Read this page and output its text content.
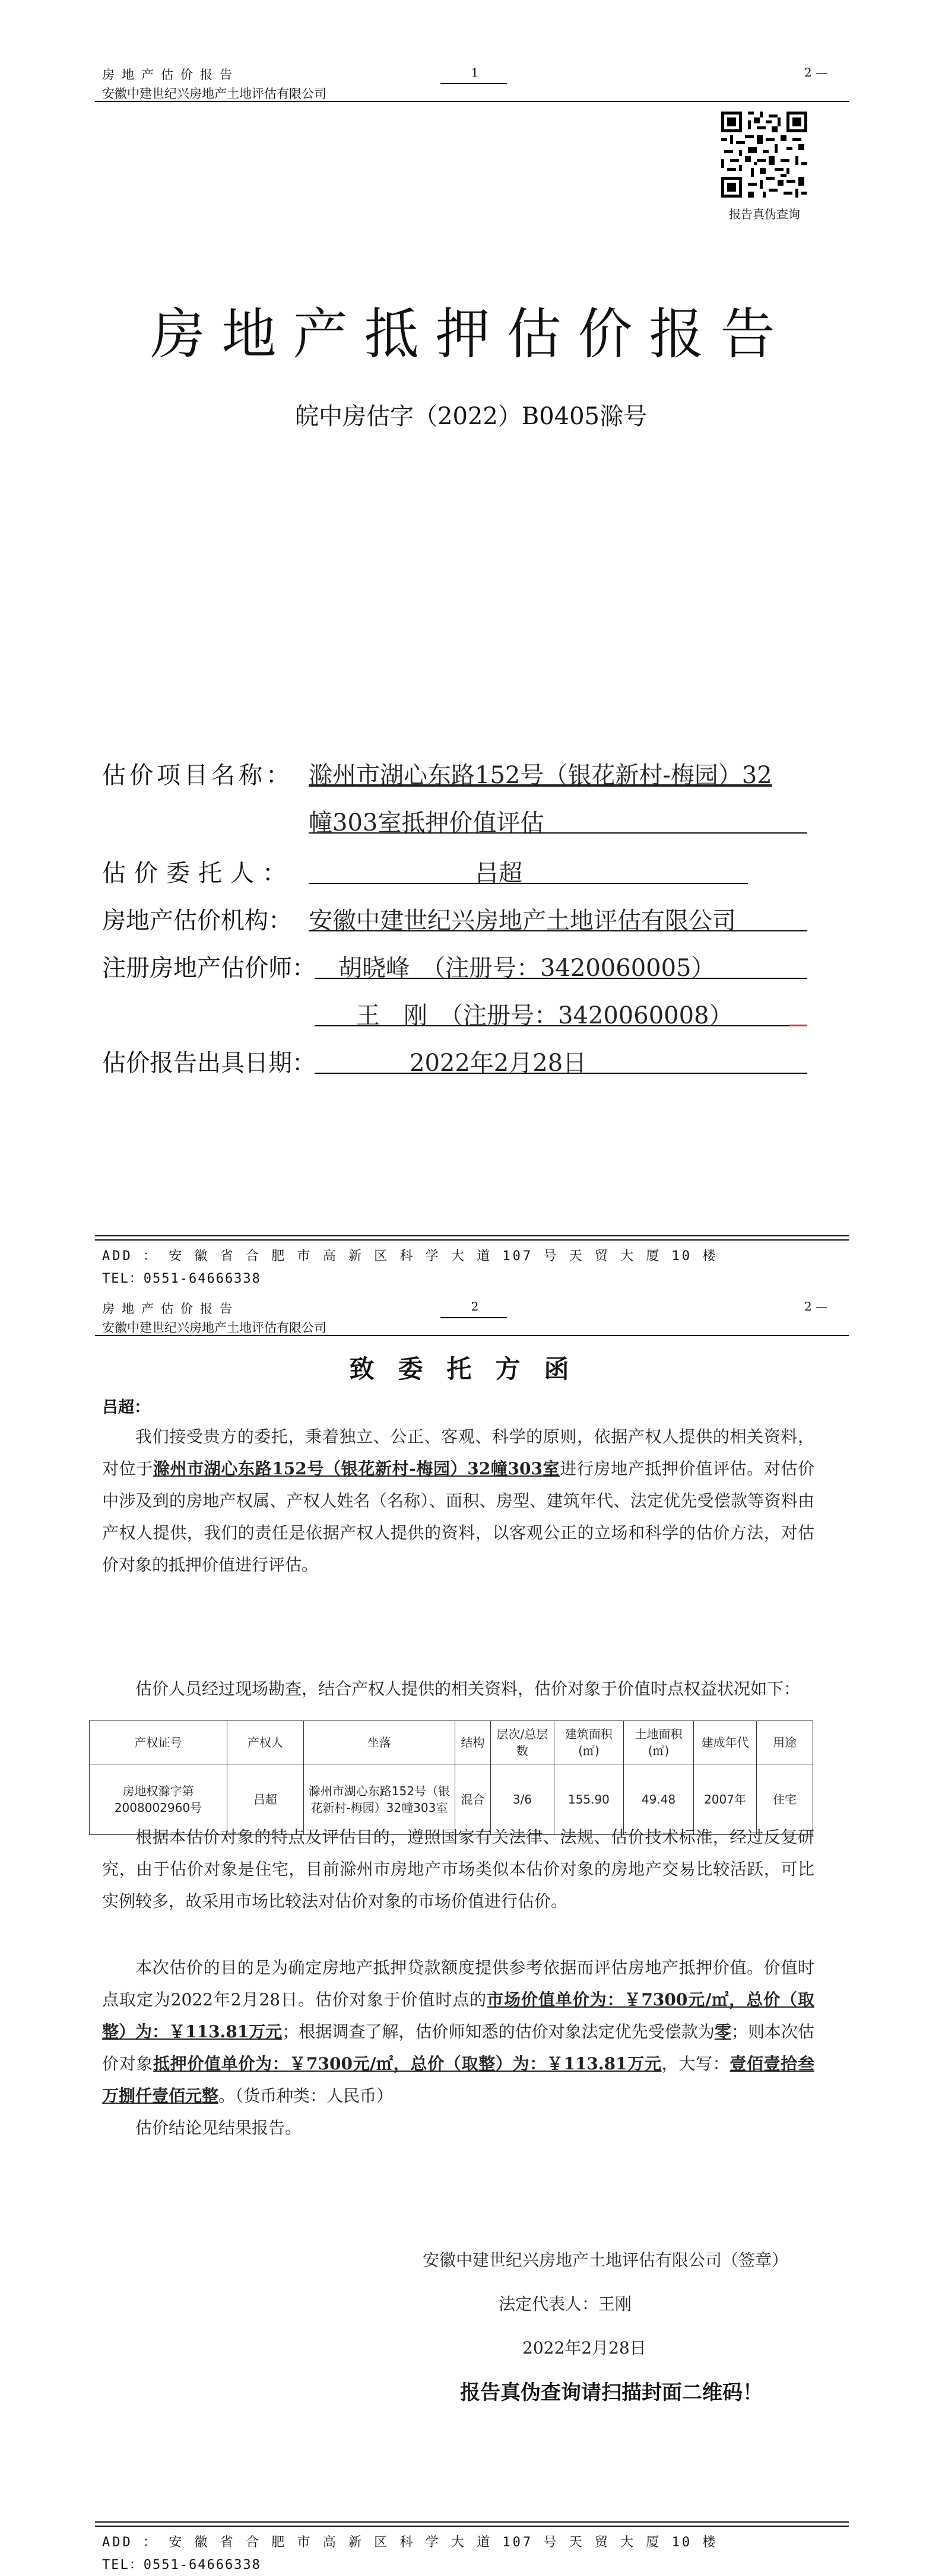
房地产估价报告
安徽中建世纪兴房地产土地评估有限公司
1	2 —
报告真伪查询
房地产抵押估价报告
皖中房估字（2022）B0405滁号
估价项目名称： 滁州市湖心东路152号（银花新村-梅园）32
幢303室抵押价值评估
估价委托人：	吕超
房地产估价机构： 安徽中建世纪兴房地产土地评估有限公司
注册房地产估价师： 胡晓峰　（注册号：3420060005）
王　刚　（注册号：3420060008）
估价报告出具日期：	2022年2月28日
ADD ： 安 徽 省 合 肥 市 高 新 区 科 学 大 道 107 号 天 贸 大 厦 10 楼
TEL：0551-64666338
房地产估价报告
安徽中建世纪兴房地产土地评估有限公司
2	2 —
致委托方函
吕超：
我们接受贵方的委托，秉着独立、公正、客观、科学的原则，依据产权人提供的相关资料，对位于滁州市湖心东路152号（银花新村-梅园）32幢303室进行房地产抵押价值评估。对估价中涉及到的房地产权属、产权人姓名（名称）、面积、房型、建筑年代、法定优先受偿款等资料由产权人提供，我们的责任是依据产权人提供的资料，以客观公正的立场和科学的估价方法，对估价对象的抵押价值进行评估。
估价人员经过现场勘查，结合产权人提供的相关资料，估价对象于价值时点权益状况如下：
产权证号	产权人	坐落	结构	层次/总层数	建筑面积(㎡)	土地面积(㎡)	建成年代	用途
房地权滁字第2008002960号	吕超	滁州市湖心东路152号（银花新村-梅园）32幢303室	混合	3/6	155.90	49.48	2007年	住宅
根据本估价对象的特点及评估目的，遵照国家有关法律、法规、估价技术标准，经过反复研究，由于估价对象是住宅，目前滁州市房地产市场类似本估价对象的房地产交易比较活跃，可比实例较多，故采用市场比较法对估价对象的市场价值进行估价。
本次估价的目的是为确定房地产抵押贷款额度提供参考依据而评估房地产抵押价值。价值时点取定为2022年2月28日。估价对象于价值时点的市场价值单价为：￥7300元/㎡，总价（取整）为：￥113.81万元；根据调查了解，估价师知悉的估价对象法定优先受偿款为零；则本次估价对象抵押价值单价为：￥7300元/㎡，总价（取整）为：￥113.81万元，大写：壹佰壹拾叁万捌仟壹佰元整。（货币种类：人民币）
估价结论见结果报告。
安徽中建世纪兴房地产土地评估有限公司（签章）
法定代表人：王刚
2022年2月28日
报告真伪查询请扫描封面二维码！
ADD ： 安 徽 省 合 肥 市 高 新 区 科 学 大 道 107 号 天 贸 大 厦 10 楼
TEL：0551-64666338
